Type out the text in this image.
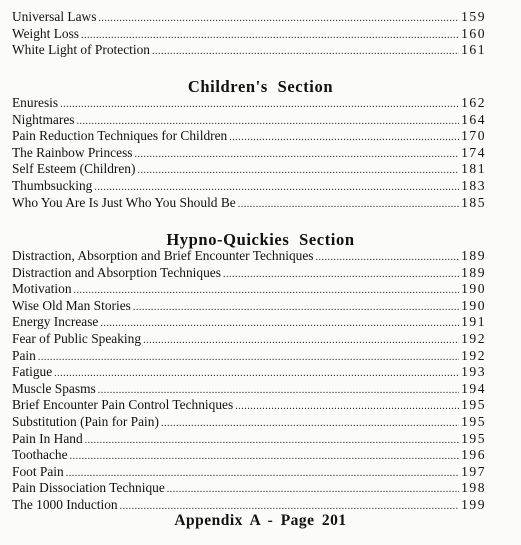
Universal Laws .....	159
Weight Loss .....	160
White Light of Protection .....	161
Children's Section
Enuresis .....	162
Nightmares .....	164
Pain Reduction Techniques for Children .....	170
The Rainbow Princess .....	174
Self Esteem (Children) .....	181
Thumbsucking .....	183
Who You Are Is Just Who You Should Be .....	185
Hypno-Quickies Section
Distraction, Absorption and Brief Encounter Techniques .....	189
Distraction and Absorption Techniques .....	189
Motivation .....	190
Wise Old Man Stories .....	190
Energy Increase .....	191
Fear of Public Speaking .....	192
Pain .....	192
Fatigue .....	193
Muscle Spasms .....	194
Brief Encounter Pain Control Techniques .....	195
Substitution (Pain for Pain) .....	195
Pain In Hand .....	195
Toothache .....	196
Foot Pain .....	197
Pain Dissociation Technique .....	198
The 1000 Induction .....	199
Appendix A - Page 201
